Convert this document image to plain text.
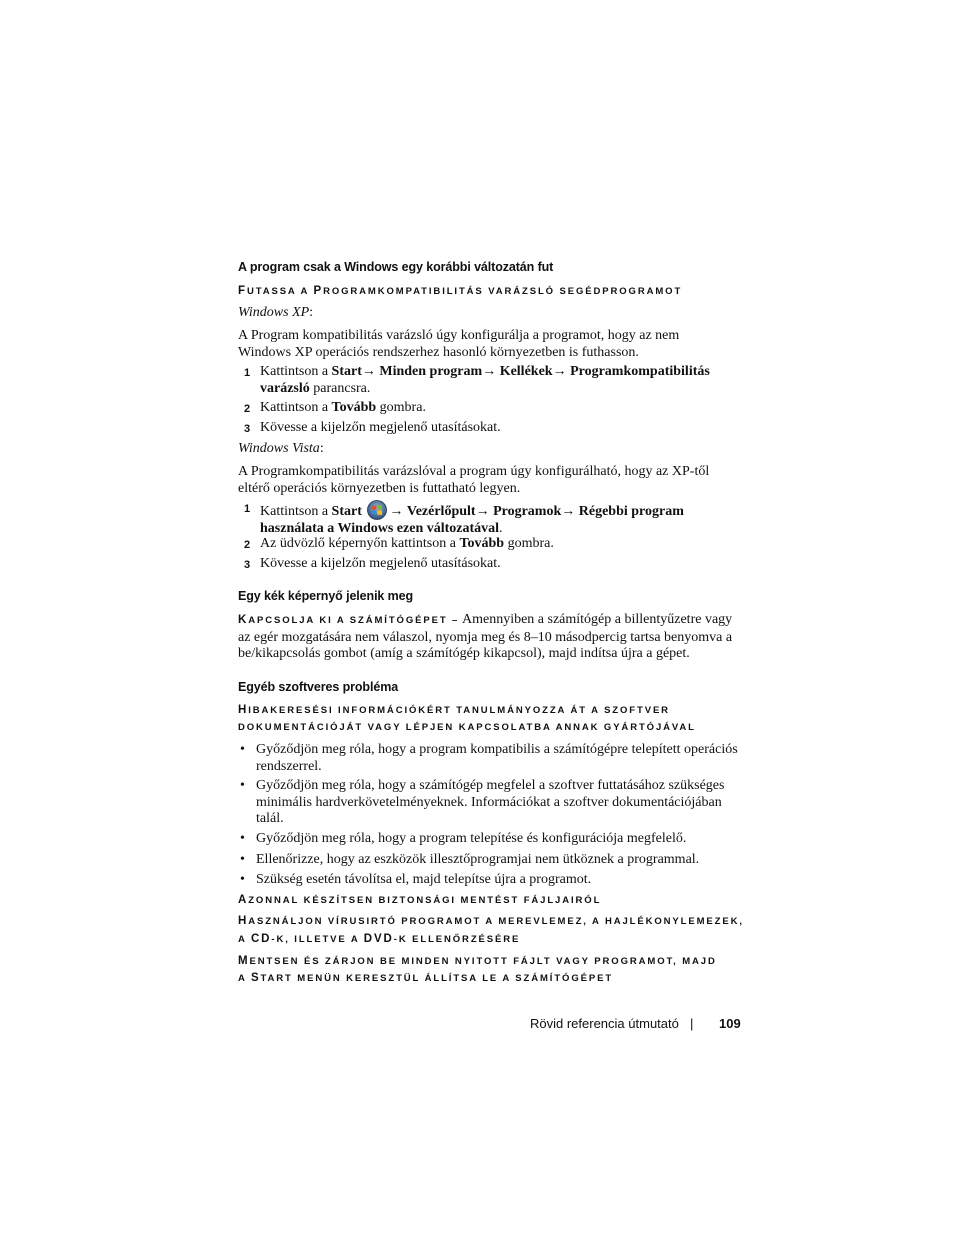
A program csak a Windows egy korábbi változatán fut
FUTASSA A PROGRAMKOMPATIBILITÁS VARÁZSLÓ SEGÉDPROGRAMOT
Windows XP:
A Program kompatibilitás varázsló úgy konfigurálja a programot, hogy az nem Windows XP operációs rendszerhez hasonló környezetben is futhasson.
1 Kattintson a Start→ Minden program→ Kellékek→ Programkompatibilitás varázsló parancsra.
2 Kattintson a Tovább gombra.
3 Kövesse a kijelzőn megjelenő utasításokat.
Windows Vista:
A Programkompatibilitás varázslóval a program úgy konfigurálható, hogy az XP-től eltérő operációs környezetben is futtatható legyen.
1 Kattintson a Start → Vezérlőpult→ Programok→ Régebbi program használata a Windows ezen változatával.
2 Az üdvözlő képernyőn kattintson a Tovább gombra.
3 Kövesse a kijelzőn megjelenő utasításokat.
Egy kék képernyő jelenik meg
KAPCSOLJA KI A SZÁMÍTÓGÉPET – Amennyiben a számítógép a billentyűzetre vagy az egér mozgatására nem válaszol, nyomja meg és 8–10 másodpercig tartsa benyomva a be/kikapcsolás gombot (amíg a számítógép kikapcsol), majd indítsa újra a gépet.
Egyéb szoftveres probléma
HIBAKERESÉSI INFORMÁCIÓKÉRT TANULMÁNYOZZA ÁT A SZOFTVER
DOKUMENTÁCIÓJÁT VAGY LÉPJEN KAPCSOLATBA ANNAK GYÁRTÓJÁVAL
• Győződjön meg róla, hogy a program kompatibilis a számítógépre telepített operációs rendszerrel.
• Győződjön meg róla, hogy a számítógép megfelel a szoftver futtatásához szükséges minimális hardverkövetelményeknek. Információkat a szoftver dokumentációjában talál.
• Győződjön meg róla, hogy a program telepítése és konfigurációja megfelelő.
• Ellenőrizze, hogy az eszközök illesztőprogramjai nem ütköznek a programmal.
• Szükség esetén távolítsa el, majd telepítse újra a programot.
AZONNAL KÉSZÍTSEN BIZTONSÁGI MENTÉST FÁJLJAIRÓL
HASZNÁLJON VÍRUSIRTÓ PROGRAMOT A MEREVLEMEZ, A HAJLÉKONYLEMEZEK,
A CD-K, ILLETVE A DVD-K ELLENŐRZÉSÉRE
MENTSEN ÉS ZÁRJON BE MINDEN NYITOTT FÁJLT VAGY PROGRAMOT, MAJD
A START MENÜN KERESZTÜL ÁLLÍTSA LE A SZÁMÍTÓGÉPET
Rövid referencia útmutató | 109
